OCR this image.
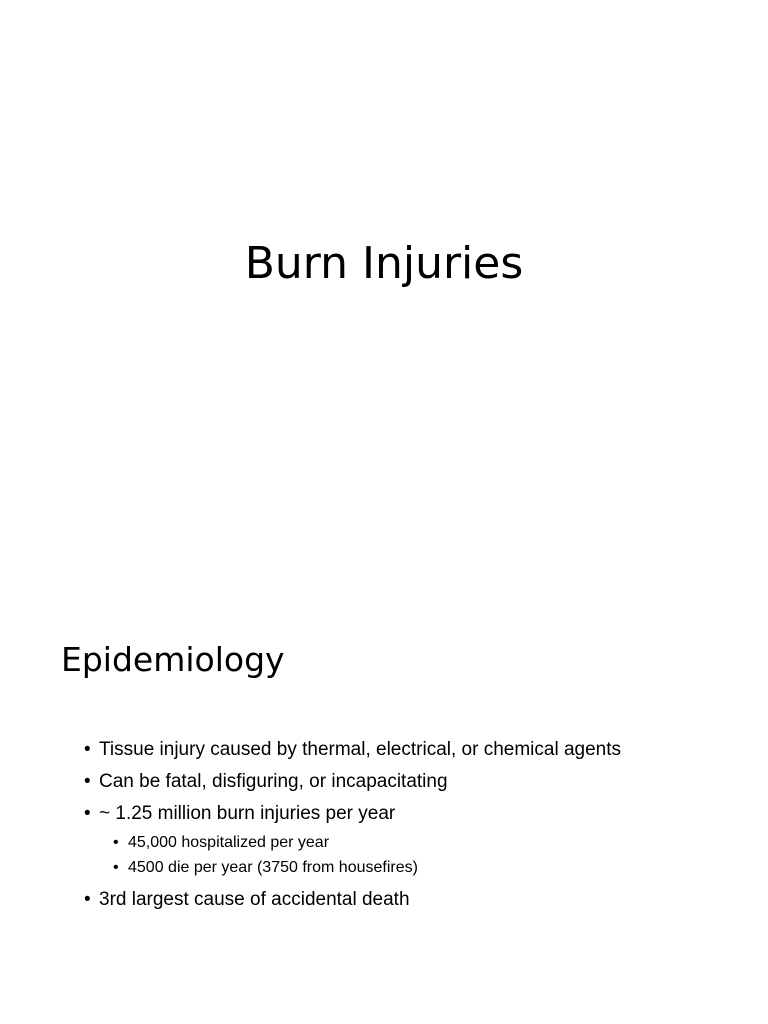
Burn Injuries
Epidemiology
• Tissue injury caused by thermal, electrical, or chemical agents
• Can be fatal, disfiguring, or incapacitating
• ~ 1.25 million burn injuries per year
• 45,000 hospitalized per year
• 4500 die per year (3750 from housefires)
• 3rd largest cause of accidental death
